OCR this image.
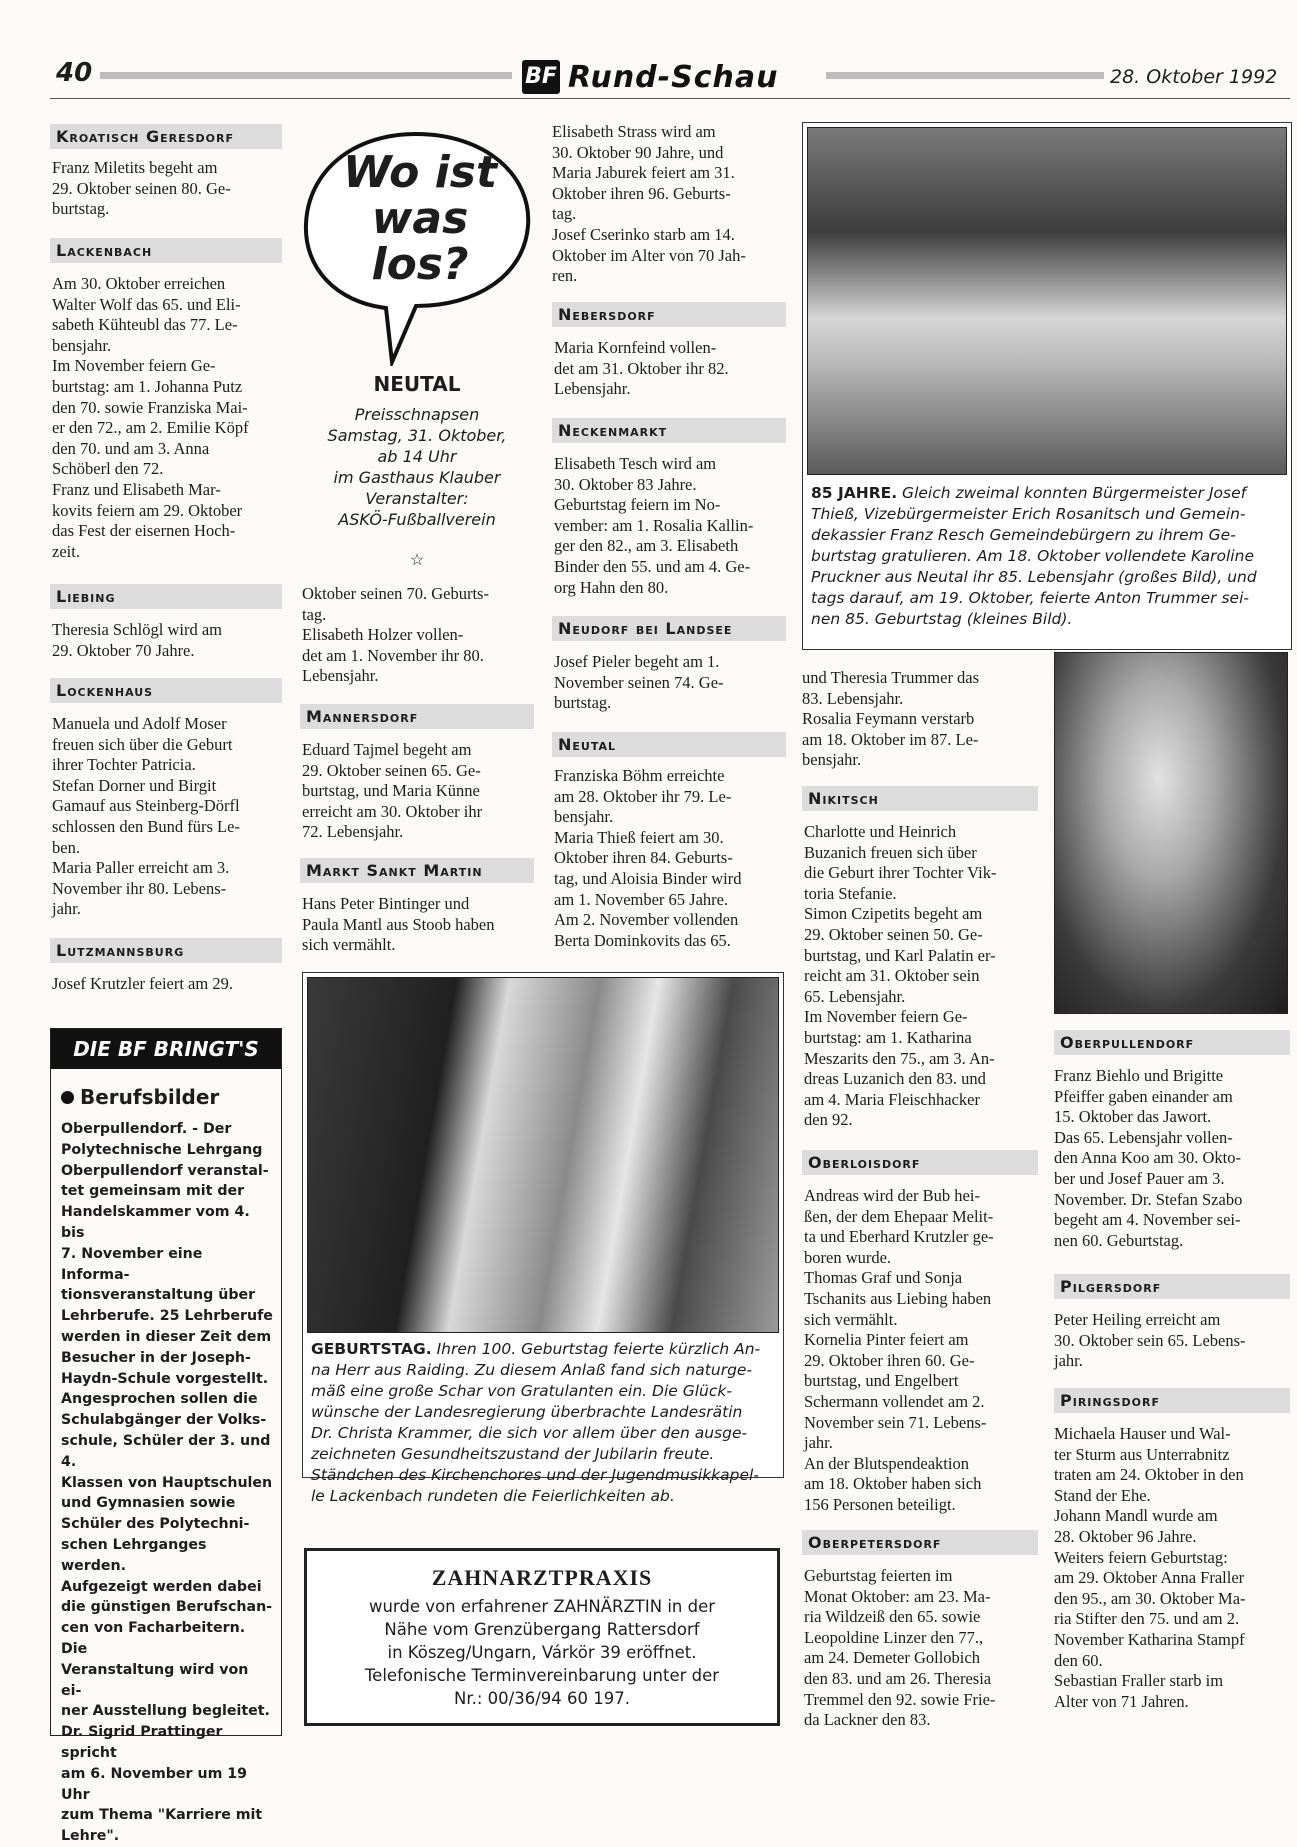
40	BF Rund-Schau	28. Oktober 1992
Kroatisch Geresdorf
Franz Miletits begeht am
29. Oktober seinen 80. Ge-
burtstag.
Lackenbach
Am 30. Oktober erreichen
Walter Wolf das 65. und Eli-
sabeth Kühteubl das 77. Le-
bensjahr.
Im November feiern Ge-
burtstag: am 1. Johanna Putz
den 70. sowie Franziska Mai-
er den 72., am 2. Emilie Köpf
den 70. und am 3. Anna
Schöberl den 72.
Franz und Elisabeth Mar-
kovits feiern am 29. Oktober
das Fest der eisernen Hoch-
zeit.
Liebing
Theresia Schlögl wird am
29. Oktober 70 Jahre.
Lockenhaus
Manuela und Adolf Moser
freuen sich über die Geburt
ihrer Tochter Patricia.
Stefan Dorner und Birgit
Gamauf aus Steinberg-Dörfl
schlossen den Bund fürs Le-
ben.
Maria Paller erreicht am 3.
November ihr 80. Lebens-
jahr.
Lutzmannsburg
Josef Krutzler feiert am 29.
DIE BF BRINGT'S
Berufsbilder
Oberpullendorf. - Der
Polytechnische Lehrgang
Oberpullendorf veranstal-
tet gemeinsam mit der
Handelskammer vom 4. bis
7. November eine Informa-
tionsveranstaltung über
Lehrberufe. 25 Lehrberufe
werden in dieser Zeit dem
Besucher in der Joseph-
Haydn-Schule vorgestellt.
Angesprochen sollen die
Schulabgänger der Volks-
schule, Schüler der 3. und 4.
Klassen von Hauptschulen
und Gymnasien sowie
Schüler des Polytechni-
schen Lehrganges werden.
Aufgezeigt werden dabei
die günstigen Berufschan-
cen von Facharbeitern. Die
Veranstaltung wird von ei-
ner Ausstellung begleitet.
Dr. Sigrid Prattinger spricht
am 6. November um 19 Uhr
zum Thema "Karriere mit
Lehre".
Wo ist was los?
NEUTAL
Preisschnapsen
Samstag, 31. Oktober,
ab 14 Uhr
im Gasthaus Klauber
Veranstalter:
ASKÖ-Fußballverein
☆
Oktober seinen 70. Geburts-
tag.
Elisabeth Holzer vollen-
det am 1. November ihr 80.
Lebensjahr.
Mannersdorf
Eduard Tajmel begeht am
29. Oktober seinen 65. Ge-
burtstag, und Maria Künne
erreicht am 30. Oktober ihr
72. Lebensjahr.
Markt Sankt Martin
Hans Peter Bintinger und
Paula Mantl aus Stoob haben
sich vermählt.
Elisabeth Strass wird am
30. Oktober 90 Jahre, und
Maria Jaburek feiert am 31.
Oktober ihren 96. Geburts-
tag.
Josef Cserinko starb am 14.
Oktober im Alter von 70 Jah-
ren.
Nebersdorf
Maria Kornfeind vollen-
det am 31. Oktober ihr 82.
Lebensjahr.
Neckenmarkt
Elisabeth Tesch wird am
30. Oktober 83 Jahre.
Geburtstag feiern im No-
vember: am 1. Rosalia Kallin-
ger den 82., am 3. Elisabeth
Binder den 55. und am 4. Ge-
org Hahn den 80.
Neudorf bei Landsee
Josef Pieler begeht am 1.
November seinen 74. Ge-
burtstag.
Neutal
Franziska Böhm erreichte
am 28. Oktober ihr 79. Le-
bensjahr.
Maria Thieß feiert am 30.
Oktober ihren 84. Geburts-
tag, und Aloisia Binder wird
am 1. November 65 Jahre.
Am 2. November vollenden
Berta Dominkovits das 65.
GEBURTSTAG. Ihren 100. Geburtstag feierte kürzlich An-
na Herr aus Raiding. Zu diesem Anlaß fand sich naturge-
mäß eine große Schar von Gratulanten ein. Die Glück-
wünsche der Landesregierung überbrachte Landesrätin
Dr. Christa Krammer, die sich vor allem über den ausge-
zeichneten Gesundheitszustand der Jubilarin freute.
Ständchen des Kirchenchores und der Jugendmusikkapel-
le Lackenbach rundeten die Feierlichkeiten ab.
ZAHNARZTPRAXIS
wurde von erfahrener ZAHNÄRZTIN in der
Nähe vom Grenzübergang Rattersdorf
in Köszeg/Ungarn, Várkör 39 eröffnet.
Telefonische Terminvereinbarung unter der
Nr.: 00/36/94 60 197.
85 JAHRE. Gleich zweimal konnten Bürgermeister Josef
Thieß, Vizebürgermeister Erich Rosanitsch und Gemein-
dekassier Franz Resch Gemeindebürgern zu ihrem Ge-
burtstag gratulieren. Am 18. Oktober vollendete Karoline
Pruckner aus Neutal ihr 85. Lebensjahr (großes Bild), und
tags darauf, am 19. Oktober, feierte Anton Trummer sei-
nen 85. Geburtstag (kleines Bild).
und Theresia Trummer das
83. Lebensjahr.
Rosalia Feymann verstarb
am 18. Oktober im 87. Le-
bensjahr.
Nikitsch
Charlotte und Heinrich
Buzanich freuen sich über
die Geburt ihrer Tochter Vik-
toria Stefanie.
Simon Czipetits begeht am
29. Oktober seinen 50. Ge-
burtstag, und Karl Palatin er-
reicht am 31. Oktober sein
65. Lebensjahr.
Im November feiern Ge-
burtstag: am 1. Katharina
Meszarits den 75., am 3. An-
dreas Luzanich den 83. und
am 4. Maria Fleischhacker
den 92.
Oberloisdorf
Andreas wird der Bub hei-
ßen, der dem Ehepaar Melit-
ta und Eberhard Krutzler ge-
boren wurde.
Thomas Graf und Sonja
Tschanits aus Liebing haben
sich vermählt.
Kornelia Pinter feiert am
29. Oktober ihren 60. Ge-
burtstag, und Engelbert
Schermann vollendet am 2.
November sein 71. Lebens-
jahr.
An der Blutspendeaktion
am 18. Oktober haben sich
156 Personen beteiligt.
Oberpetersdorf
Geburtstag feierten im
Monat Oktober: am 23. Ma-
ria Wildzeiß den 65. sowie
Leopoldine Linzer den 77.,
am 24. Demeter Gollobich
den 83. und am 26. Theresia
Tremmel den 92. sowie Frie-
da Lackner den 83.
Oberpullendorf
Franz Biehlo und Brigitte
Pfeiffer gaben einander am
15. Oktober das Jawort.
Das 65. Lebensjahr vollen-
den Anna Koo am 30. Okto-
ber und Josef Pauer am 3.
November. Dr. Stefan Szabo
begeht am 4. November sei-
nen 60. Geburtstag.
Pilgersdorf
Peter Heiling erreicht am
30. Oktober sein 65. Lebens-
jahr.
Piringsdorf
Michaela Hauser und Wal-
ter Sturm aus Unterrabnitz
traten am 24. Oktober in den
Stand der Ehe.
Johann Mandl wurde am
28. Oktober 96 Jahre.
Weiters feiern Geburtstag:
am 29. Oktober Anna Fraller
den 95., am 30. Oktober Ma-
ria Stifter den 75. und am 2.
November Katharina Stampf
den 60.
Sebastian Fraller starb im
Alter von 71 Jahren.
